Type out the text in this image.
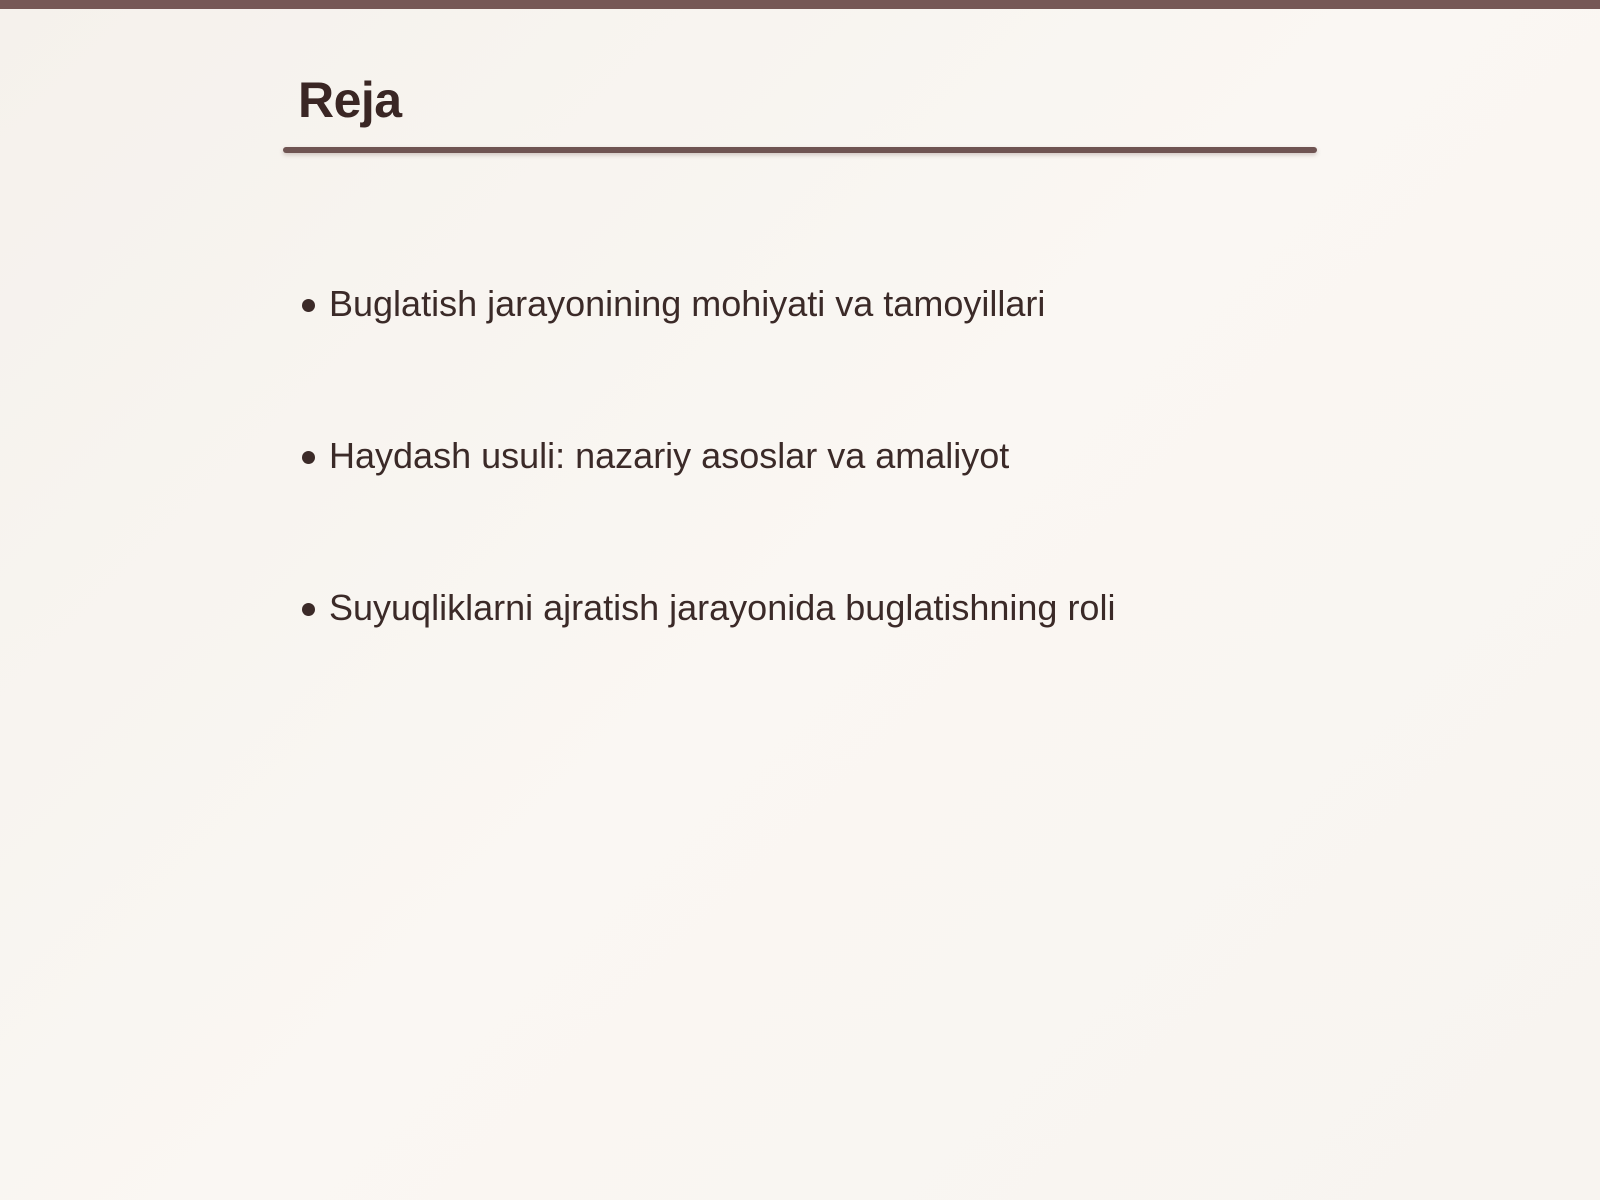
Reja
Buglatish jarayonining mohiyati va tamoyillari
Haydash usuli: nazariy asoslar va amaliyot
Suyuqliklarni ajratish jarayonida buglatishning roli
